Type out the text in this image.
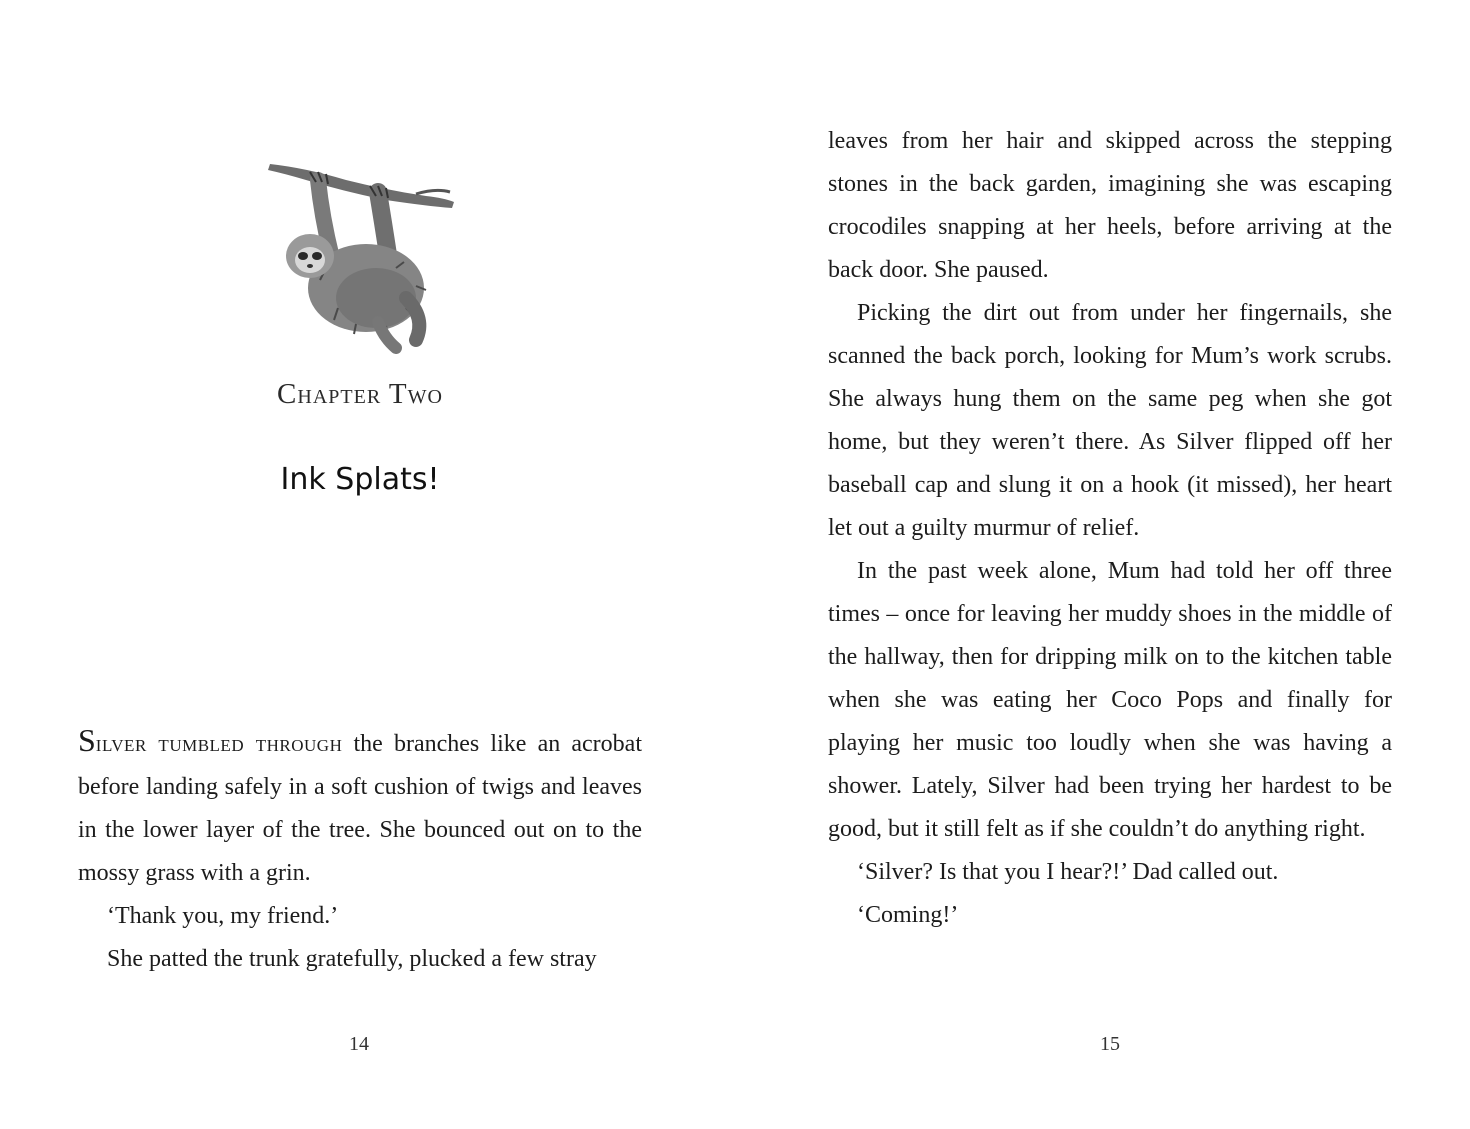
Chapter Two
Ink Splats!

Silver tumbled through the branches like an acrobat before landing safely in a soft cushion of twigs and leaves in the lower layer of the tree. She bounced out on to the mossy grass with a grin.

‘Thank you, my friend.’

She patted the trunk gratefully, plucked a few stray

14

leaves from her hair and skipped across the stepping stones in the back garden, imagining she was escaping crocodiles snapping at her heels, before arriving at the back door. She paused.

Picking the dirt out from under her fingernails, she scanned the back porch, looking for Mum’s work scrubs. She always hung them on the same peg when she got home, but they weren’t there. As Silver flipped off her baseball cap and slung it on a hook (it missed), her heart let out a guilty murmur of relief.

In the past week alone, Mum had told her off three times – once for leaving her muddy shoes in the middle of the hallway, then for dripping milk on to the kitchen table when she was eating her Coco Pops and finally for playing her music too loudly when she was having a shower. Lately, Silver had been trying her hardest to be good, but it still felt as if she couldn’t do anything right.

‘Silver? Is that you I hear?!’ Dad called out.

‘Coming!’

15
